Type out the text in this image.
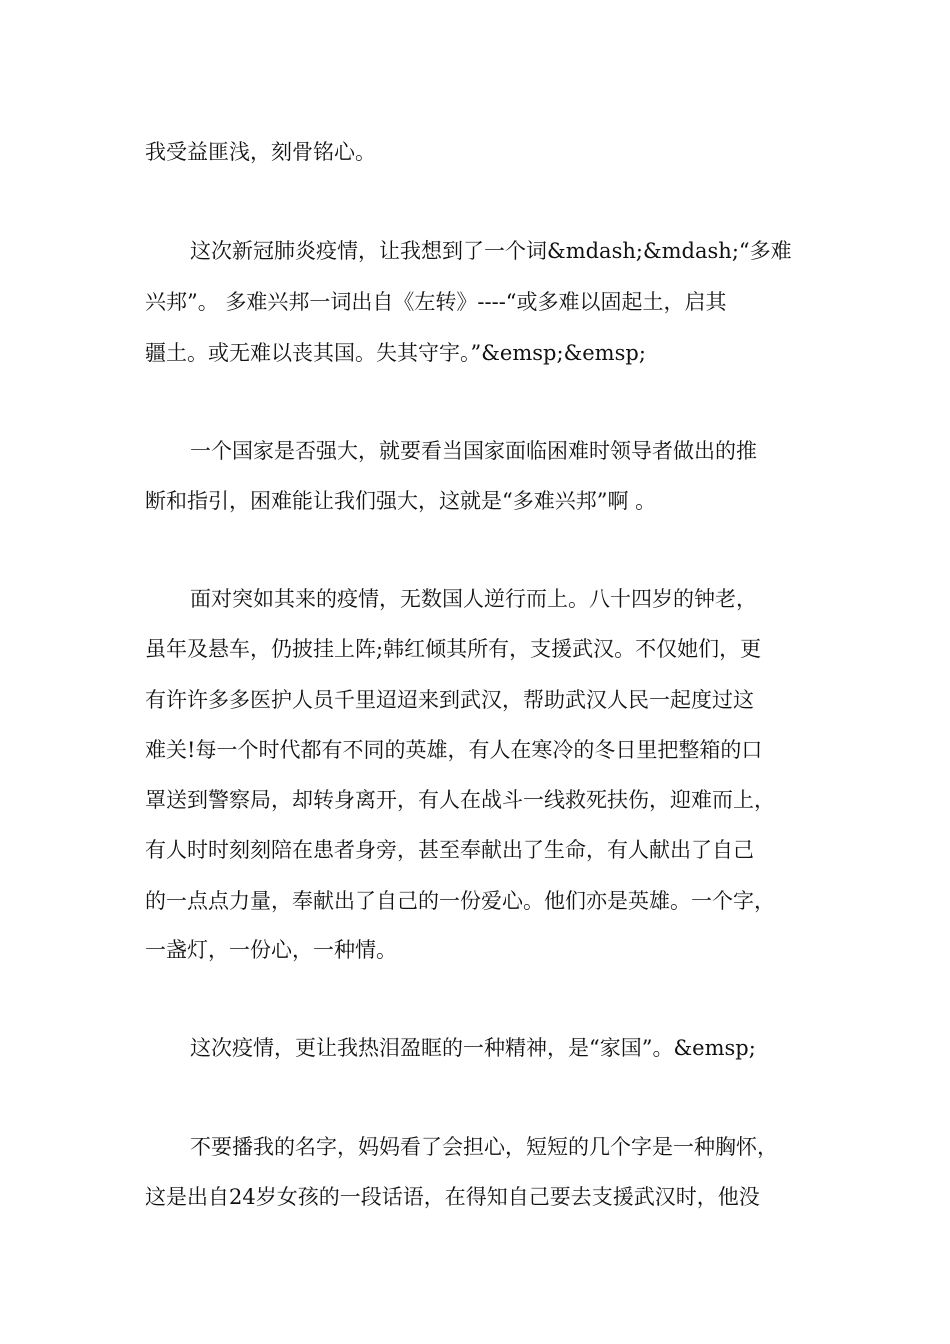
我受益匪浅，刻骨铭心。

这次新冠肺炎疫情，让我想到了一个词&mdash;&mdash;“多难

兴邦”。 多难兴邦一词出自《左转》----“或多难以固起土，启其

疆土。或无难以丧其国。失其守宇。”&emsp;&emsp;

一个国家是否强大，就要看当国家面临困难时领导者做出的推

断和指引，困难能让我们强大，这就是“多难兴邦”啊 。

面对突如其来的疫情，无数国人逆行而上。八十四岁的钟老，

虽年及悬车，仍披挂上阵;韩红倾其所有，支援武汉。不仅她们，更

有许许多多医护人员千里迢迢来到武汉，帮助武汉人民一起度过这

难关!每一个时代都有不同的英雄，有人在寒冷的冬日里把整箱的口

罩送到警察局，却转身离开，有人在战斗一线救死扶伤，迎难而上，

有人时时刻刻陪在患者身旁，甚至奉献出了生命，有人献出了自己

的一点点力量，奉献出了自己的一份爱心。他们亦是英雄。一个字，

一盏灯，一份心，一种情。

这次疫情，更让我热泪盈眶的一种精神，是“家国”。&emsp;

不要播我的名字，妈妈看了会担心，短短的几个字是一种胸怀，

这是出自24岁女孩的一段话语，在得知自己要去支援武汉时，他没
